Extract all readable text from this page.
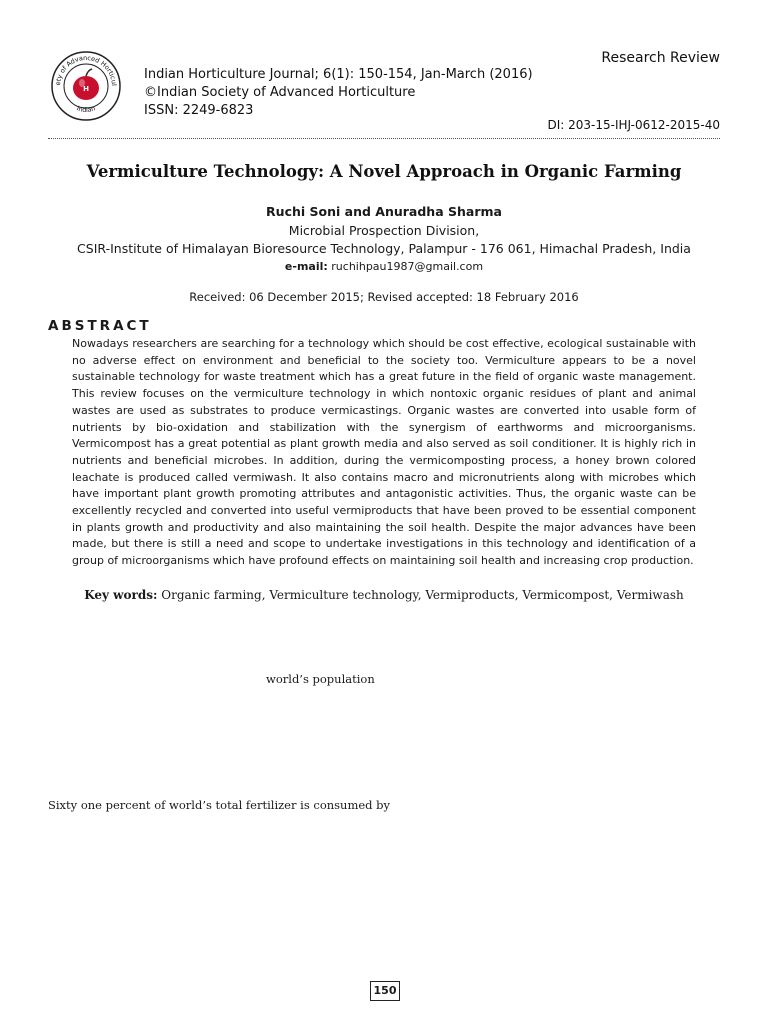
ety of Advanced Horticul
Indian
H
Indian Horticulture Journal; 6(1): 150-154, Jan-March (2016)
©Indian Society of Advanced Horticulture
ISSN: 2249-6823
Research Review
DI: 203-15-IHJ-0612-2015-40
Vermiculture Technology: A Novel Approach in Organic Farming
Ruchi Soni and Anuradha Sharma
Microbial Prospection Division,
CSIR-Institute of Himalayan Bioresource Technology, Palampur - 176 061, Himachal Pradesh, India
e-mail: ruchihpau1987@gmail.com
Received: 06 December 2015; Revised accepted: 18 February 2016
ABSTRACT
Nowadays researchers are searching for a technology which should be cost effective, ecological sustainable with no adverse effect on environment and beneficial to the society too. Vermiculture appears to be a novel sustainable technology for waste treatment which has a great future in the field of organic waste management. This review focuses on the vermiculture technology in which nontoxic organic residues of plant and animal wastes are used as substrates to produce vermicastings. Organic wastes are converted into usable form of nutrients by bio-oxidation and stabilization with the synergism of earthworms and microorganisms. Vermicompost has a great potential as plant growth media and also served as soil conditioner. It is highly rich in nutrients and beneficial microbes. In addition, during the vermicomposting process, a honey brown colored leachate is produced called vermiwash. It also contains macro and micronutrients along with microbes which have important plant growth promoting attributes and antagonistic activities. Thus, the organic waste can be excellently recycled and converted into useful vermiproducts that have been proved to be essential component in plants growth and productivity and also maintaining the soil health. Despite the major advances have been made, but there is still a need and scope to undertake investigations in this technology and identification of a group of microorganisms which have profound effects on maintaining soil health and increasing crop production.
Key words: Organic farming, Vermiculture technology, Vermiproducts, Vermicompost, Vermiwash
world’s population
Sixty one percent of world’s total fertilizer is consumed by
150
